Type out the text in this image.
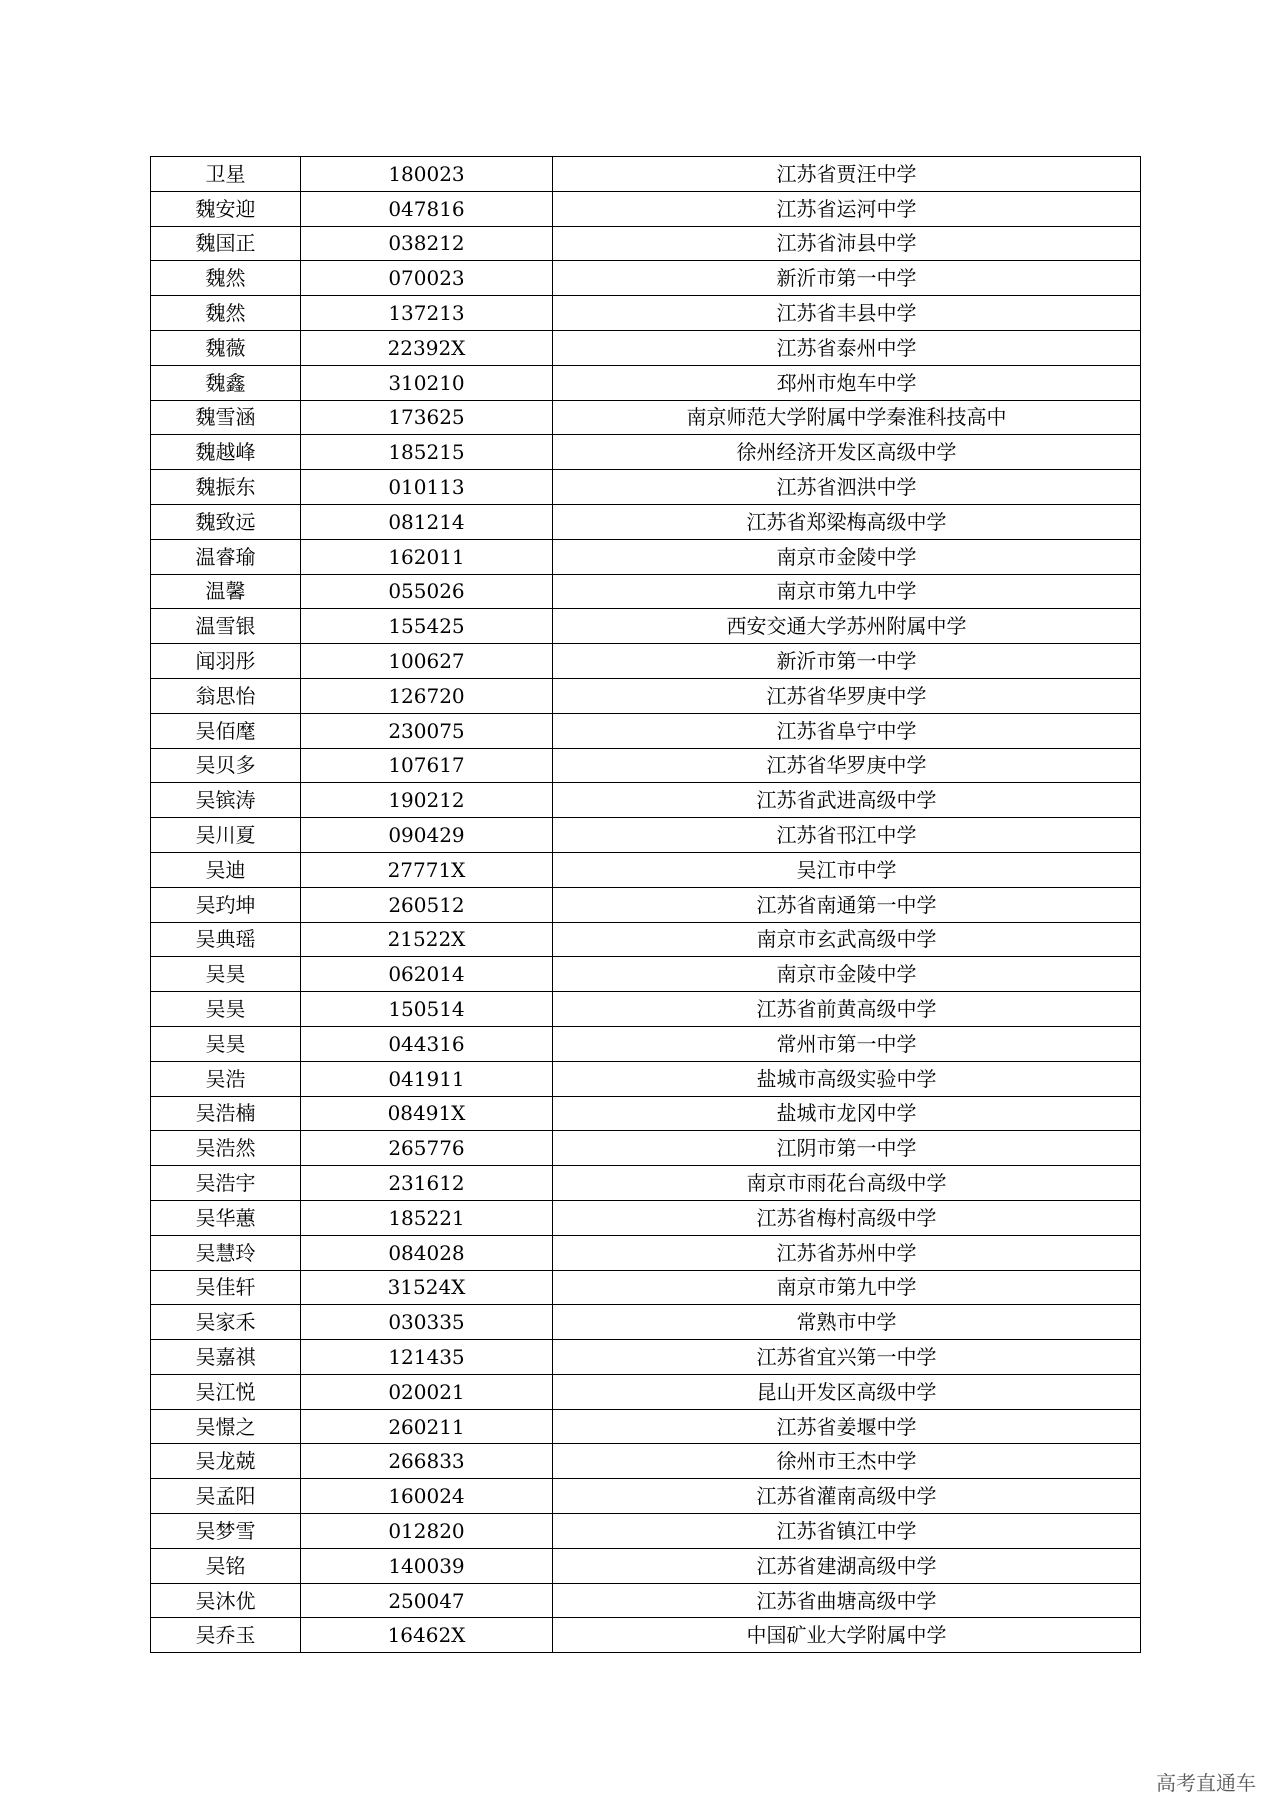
卫星	180023	江苏省贾汪中学
魏安迎	047816	江苏省运河中学
魏国正	038212	江苏省沛县中学
魏然	070023	新沂市第一中学
魏然	137213	江苏省丰县中学
魏薇	22392X	江苏省泰州中学
魏鑫	310210	邳州市炮车中学
魏雪涵	173625	南京师范大学附属中学秦淮科技高中
魏越峰	185215	徐州经济开发区高级中学
魏振东	010113	江苏省泗洪中学
魏致远	081214	江苏省郑梁梅高级中学
温睿瑜	162011	南京市金陵中学
温馨	055026	南京市第九中学
温雪银	155425	西安交通大学苏州附属中学
闻羽彤	100627	新沂市第一中学
翁思怡	126720	江苏省华罗庚中学
吴佰麾	230075	江苏省阜宁中学
吴贝多	107617	江苏省华罗庚中学
吴镔涛	190212	江苏省武进高级中学
吴川夏	090429	江苏省邗江中学
吴迪	27771X	吴江市中学
吴玓坤	260512	江苏省南通第一中学
吴典瑶	21522X	南京市玄武高级中学
吴昊	062014	南京市金陵中学
吴昊	150514	江苏省前黄高级中学
吴昊	044316	常州市第一中学
吴浩	041911	盐城市高级实验中学
吴浩楠	08491X	盐城市龙冈中学
吴浩然	265776	江阴市第一中学
吴浩宇	231612	南京市雨花台高级中学
吴华蕙	185221	江苏省梅村高级中学
吴慧玲	084028	江苏省苏州中学
吴佳轩	31524X	南京市第九中学
吴家禾	030335	常熟市中学
吴嘉祺	121435	江苏省宜兴第一中学
吴江悦	020021	昆山开发区高级中学
吴憬之	260211	江苏省姜堰中学
吴龙兢	266833	徐州市王杰中学
吴孟阳	160024	江苏省灌南高级中学
吴梦雪	012820	江苏省镇江中学
吴铭	140039	江苏省建湖高级中学
吴沐优	250047	江苏省曲塘高级中学
吴乔玉	16462X	中国矿业大学附属中学
高考直通车
